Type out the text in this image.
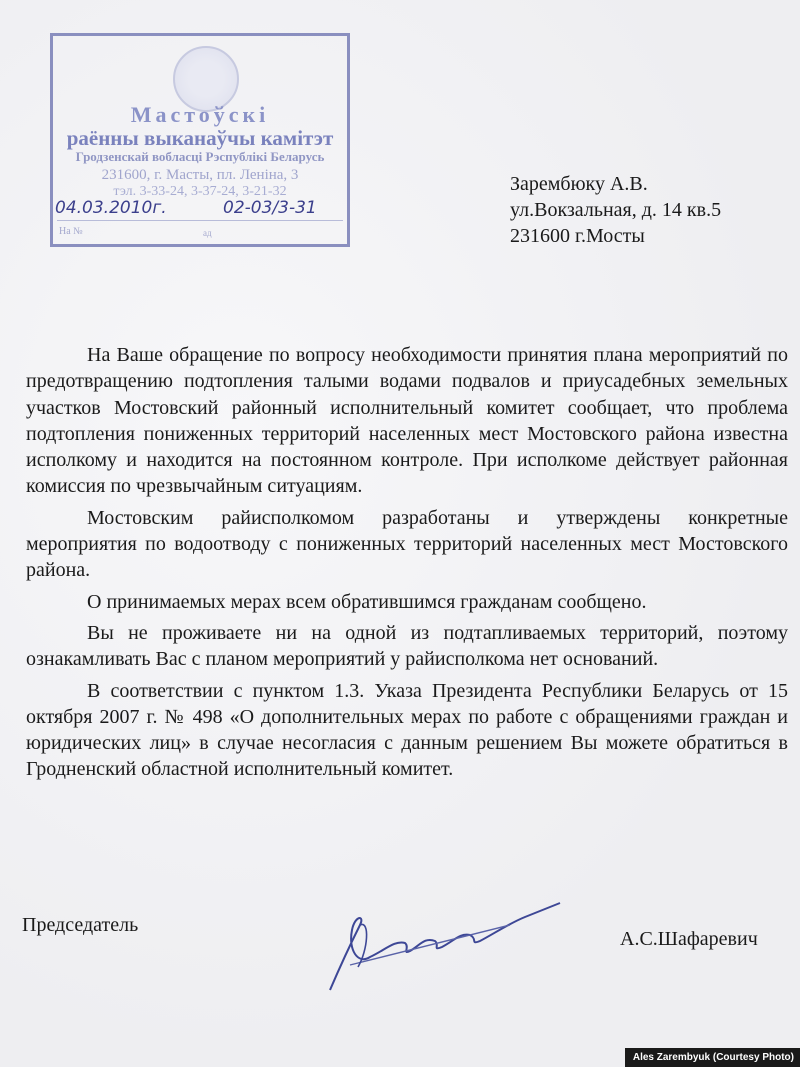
Мастоўскі
раённы выканаўчы камітэт
Гродзенскай вобласці Рэспублікі Беларусь
231600, г. Масты, пл. Леніна, 3
тэл. 3-33-24, 3-37-24, 3-21-32
04.03.2010г.	02-03/3-31
На №	ад
Зарембюку А.В.
ул.Вокзальная, д. 14 кв.5
231600 г.Мосты

На Ваше обращение по вопросу необходимости принятия плана мероприятий по предотвращению подтопления талыми водами подвалов и приусадебных земельных участков Мостовский районный исполнительный комитет сообщает, что проблема подтопления пониженных территорий населенных мест Мостовского района известна исполкому и находится на постоянном контроле. При исполкоме действует районная комиссия по чрезвычайным ситуациям.

Мостовским райисполкомом разработаны и утверждены конкретные мероприятия по водоотводу с пониженных территорий населенных мест Мостовского района.

О принимаемых мерах всем обратившимся гражданам сообщено.

Вы не проживаете ни на одной из подтапливаемых территорий, поэтому ознакамливать Вас с планом мероприятий у райисполкома нет оснований.

В соответствии с пунктом 1.3. Указа Президента Республики Беларусь от 15 октября 2007 г. № 498 «О дополнительных мерах по работе с обращениями граждан и юридических лиц» в случае несогласия с данным решением Вы можете обратиться в Гродненский областной исполнительный комитет.

Председатель
А.С.Шафаревич
Ales Zarembyuk (Courtesy Photo)
